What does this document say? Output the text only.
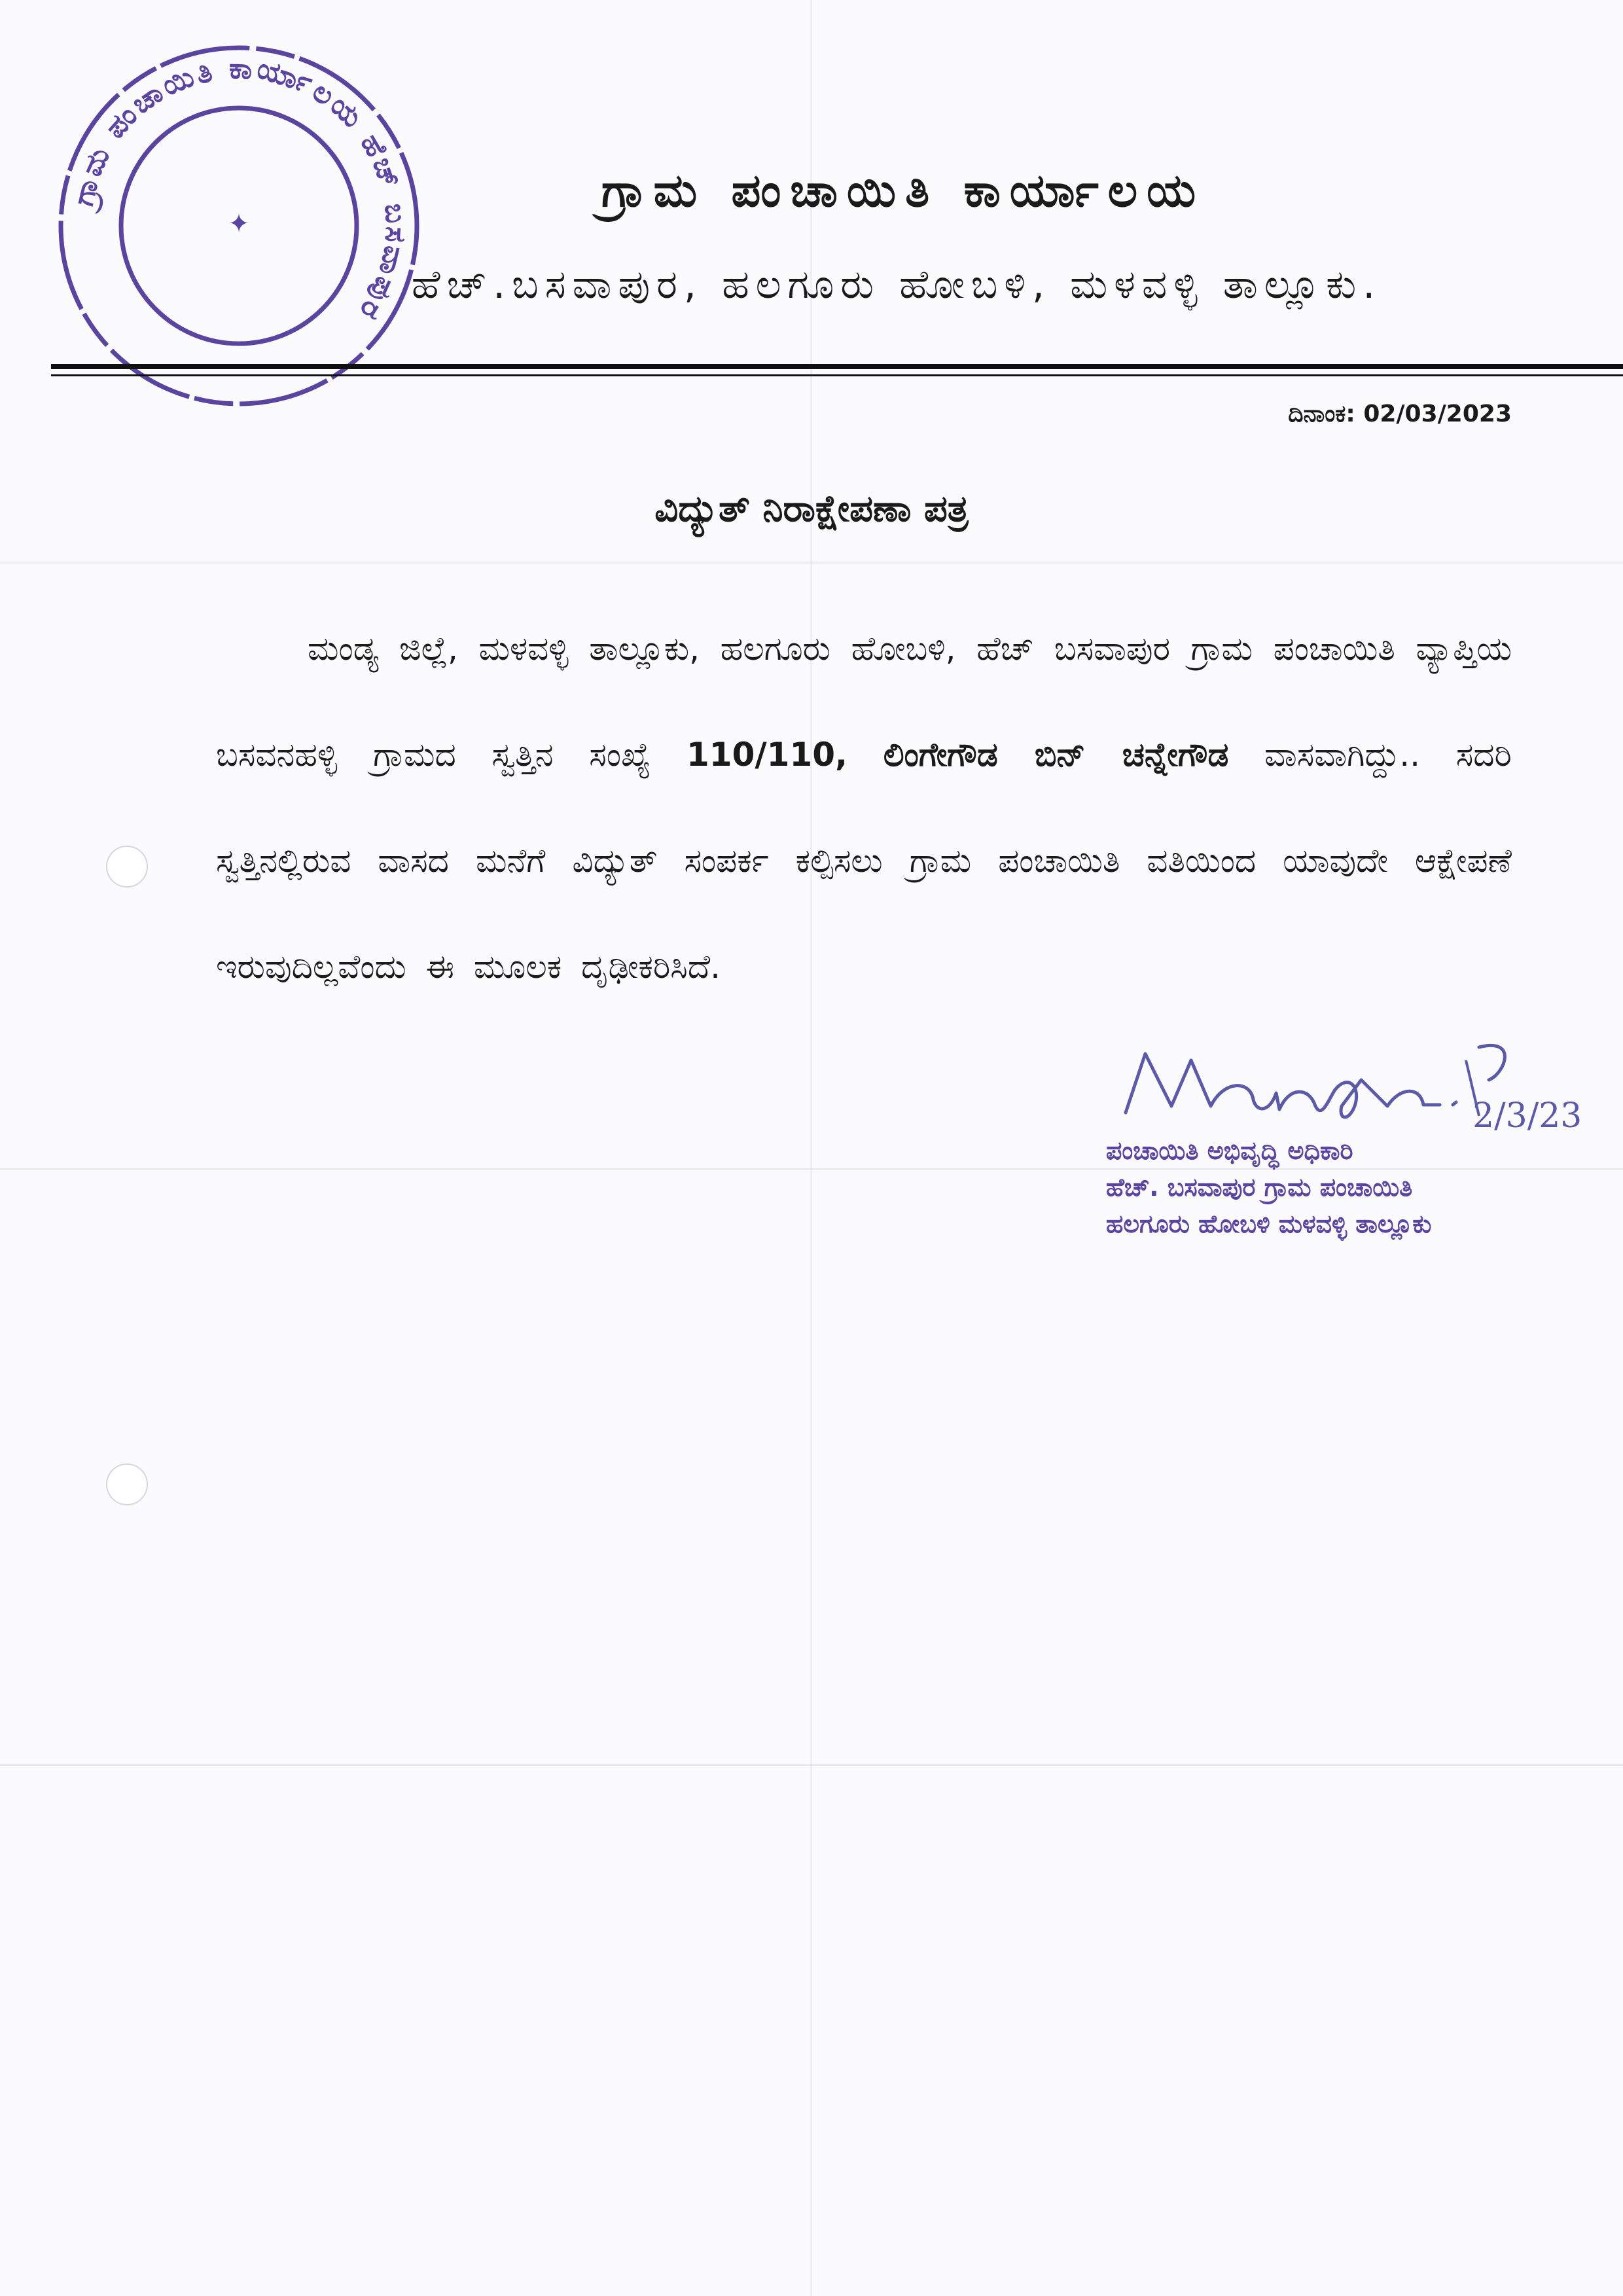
ಗ್ರಾಮ ಪಂಚಾಯಿತಿ ಕಾರ್ಯಾಲಯ ಹೆಚ್ ಬಸವಾಪುರ
✦
ಗ್ರಾಮ ಪಂಚಾಯಿತಿ ಕಾರ್ಯಾಲಯ
ಹೆಚ್.ಬಸವಾಪುರ, ಹಲಗೂರು ಹೋಬಳಿ, ಮಳವಳ್ಳಿ ತಾಲ್ಲೂಕು.
ದಿನಾಂಕ: 02/03/2023
ವಿದ್ಯುತ್ ನಿರಾಕ್ಷೇಪಣಾ ಪತ್ರ

ಮಂಡ್ಯ ಜಿಲ್ಲೆ, ಮಳವಳ್ಳಿ ತಾಲ್ಲೂಕು, ಹಲಗೂರು ಹೋಬಳಿ, ಹೆಚ್ ಬಸವಾಪುರ ಗ್ರಾಮ ಪಂಚಾಯಿತಿ ವ್ಯಾಪ್ತಿಯ ಬಸವನಹಳ್ಳಿ ಗ್ರಾಮದ ಸ್ವತ್ತಿನ ಸಂಖ್ಯೆ 110/110, ಲಿಂಗೇಗೌಡ ಬಿನ್ ಚನ್ನೇಗೌಡ ವಾಸವಾಗಿದ್ದು.. ಸದರಿ ಸ್ವತ್ತಿನಲ್ಲಿರುವ ವಾಸದ ಮನೆಗೆ ವಿದ್ಯುತ್ ಸಂಪರ್ಕ ಕಲ್ಪಿಸಲು ಗ್ರಾಮ ಪಂಚಾಯಿತಿ ವತಿಯಿಂದ ಯಾವುದೇ ಆಕ್ಷೇಪಣೆ ಇರುವುದಿಲ್ಲವೆಂದು ಈ ಮೂಲಕ ದೃಢೀಕರಿಸಿದೆ.

2/3/23
ಪಂಚಾಯಿತಿ ಅಭಿವೃದ್ಧಿ ಅಧಿಕಾರಿ
ಹೆಚ್. ಬಸವಾಪುರ ಗ್ರಾಮ ಪಂಚಾಯಿತಿ
ಹಲಗೂರು ಹೋಬಳಿ ಮಳವಳ್ಳಿ ತಾಲ್ಲೂಕು
